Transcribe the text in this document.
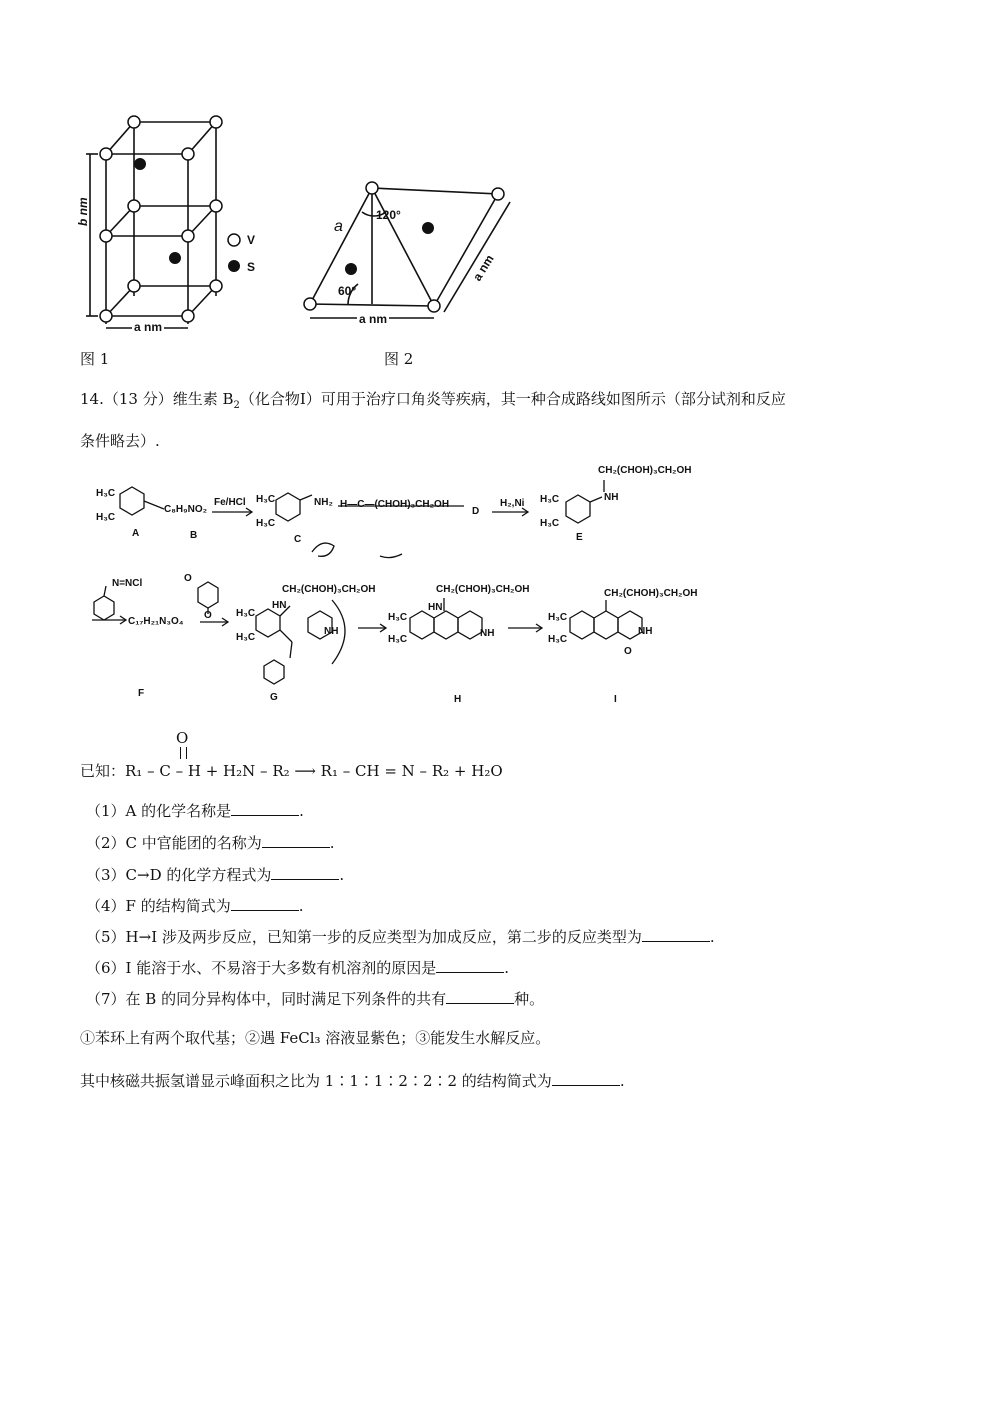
b nm
a nm
V
S
图 1
120°
60°
a
a nm
a nm
图 2
14.（13 分）维生素 $B_2$（化合物Ⅰ）可用于治疗口角炎等疾病，其一种合成路线如图所示（部分试剂和反应
条件略去）.
H₃C
H₃C
C₈H₉NO₂
A	B
Fe/HCl H₃C
H₃C
NH₂
C
H—C—(CHOH)₃CH₂OH
D
H₂,Ni
CH₂(CHOH)₃CH₂OH
NH
H₃C
H₃C
E
N=NCl
C₁₇H₂₁N₃O₄
F
O
O
CH₂(CHOH)₃CH₂OH
HN
H₃C
H₃C
NH
G
CH₂(CHOH)₃CH₂OH
HN
H₃C
H₃C
NH
H
CH₂(CHOH)₃CH₂OH
H₃C
H₃C
NH
O
I
O
已知：R₁ – C – H + H₂N – R₂ ⟶ R₁ – CH = N – R₂ + H₂O
（1）A 的化学名称是	.
（2）C 中官能团的名称为	.
（3）C→D 的化学方程式为	.
（4）F 的结构简式为	.
（5）H→I 涉及两步反应，已知第一步的反应类型为加成反应，第二步的反应类型为	.
（6）I 能溶于水、不易溶于大多数有机溶剂的原因是	.
（7）在 B 的同分异构体中，同时满足下列条件的共有	种。
①苯环上有两个取代基；②遇 FeCl₃ 溶液显紫色；③能发生水解反应。
其中核磁共振氢谱显示峰面积之比为 1∶1∶1∶2∶2∶2 的结构简式为	.
